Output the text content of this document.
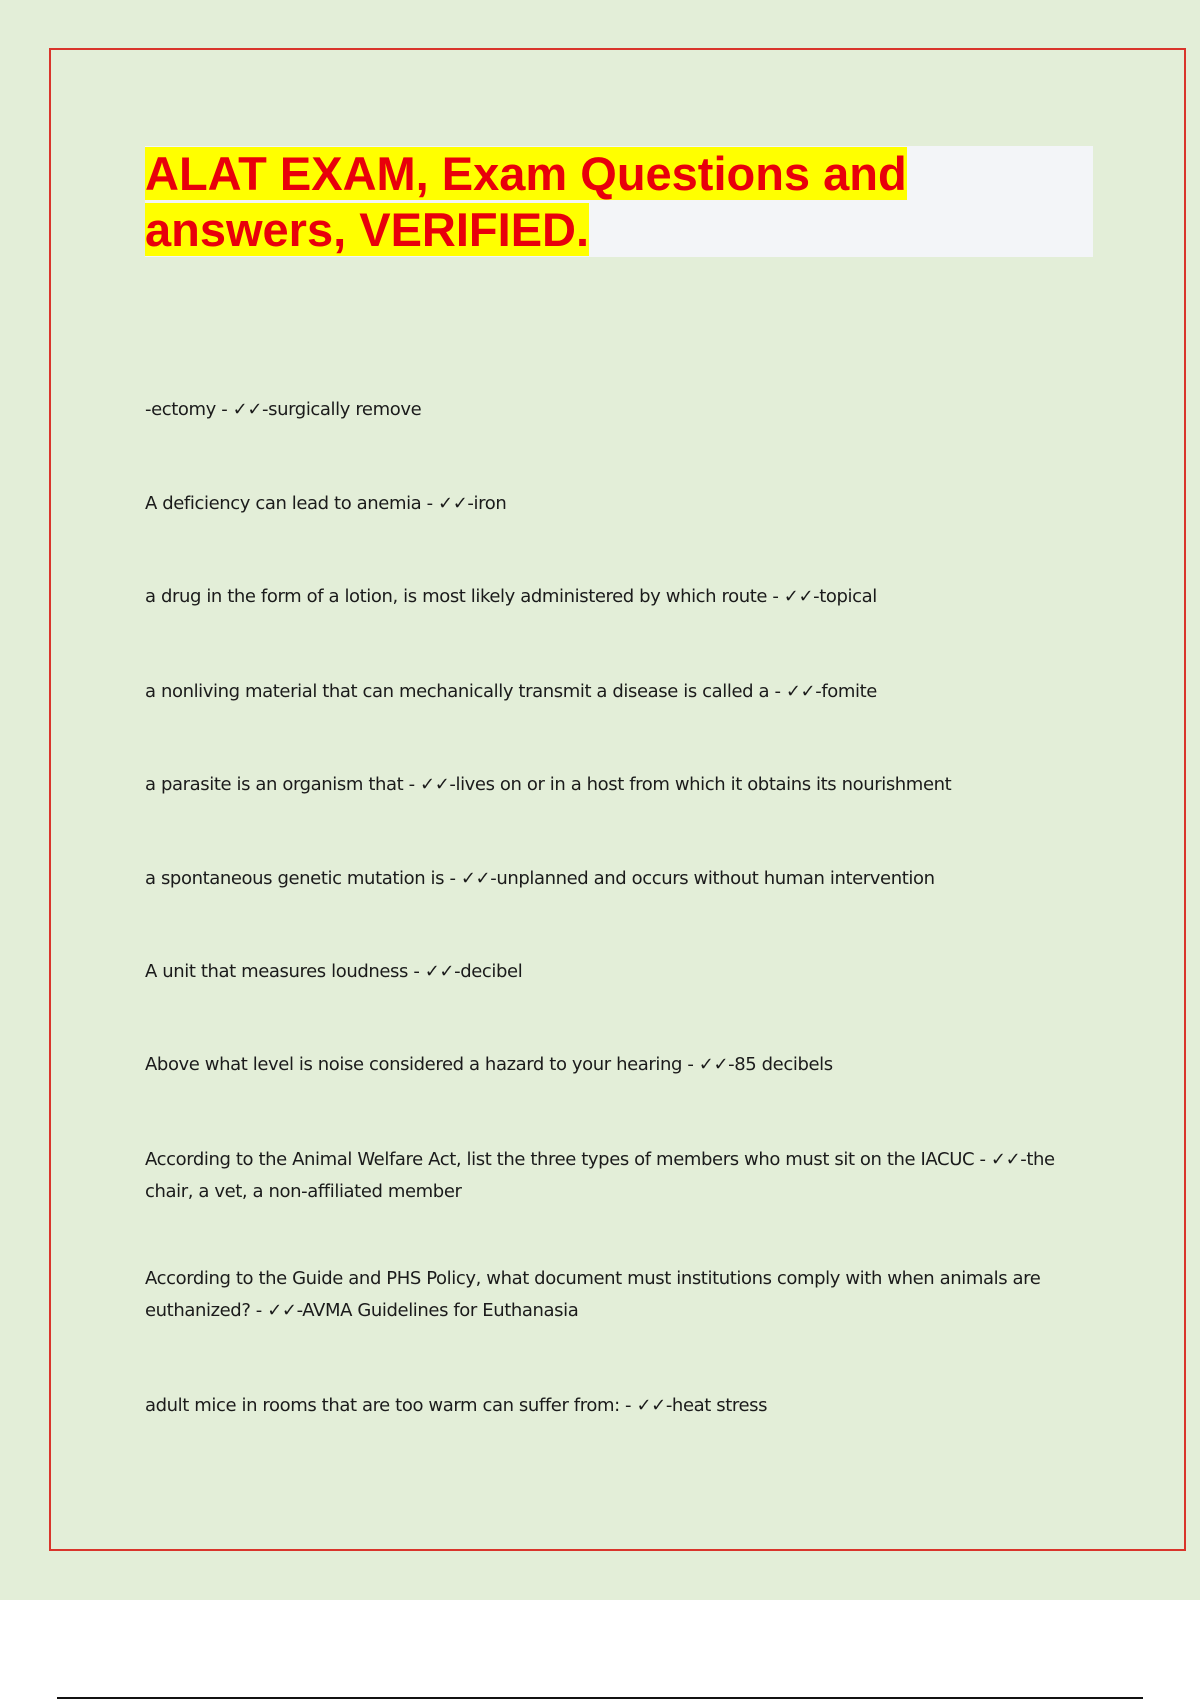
ALAT EXAM, Exam Questions and answers, VERIFIED.

-ectomy - ✓✓-surgically remove

A deficiency can lead to anemia - ✓✓-iron

a drug in the form of a lotion, is most likely administered by which route - ✓✓-topical

a nonliving material that can mechanically transmit a disease is called a - ✓✓-fomite

a parasite is an organism that - ✓✓-lives on or in a host from which it obtains its nourishment

a spontaneous genetic mutation is - ✓✓-unplanned and occurs without human intervention

A unit that measures loudness - ✓✓-decibel

Above what level is noise considered a hazard to your hearing - ✓✓-85 decibels

According to the Animal Welfare Act, list the three types of members who must sit on the IACUC - ✓✓-the chair, a vet, a non-affiliated member

According to the Guide and PHS Policy, what document must institutions comply with when animals are euthanized? - ✓✓-AVMA Guidelines for Euthanasia

adult mice in rooms that are too warm can suffer from: - ✓✓-heat stress
